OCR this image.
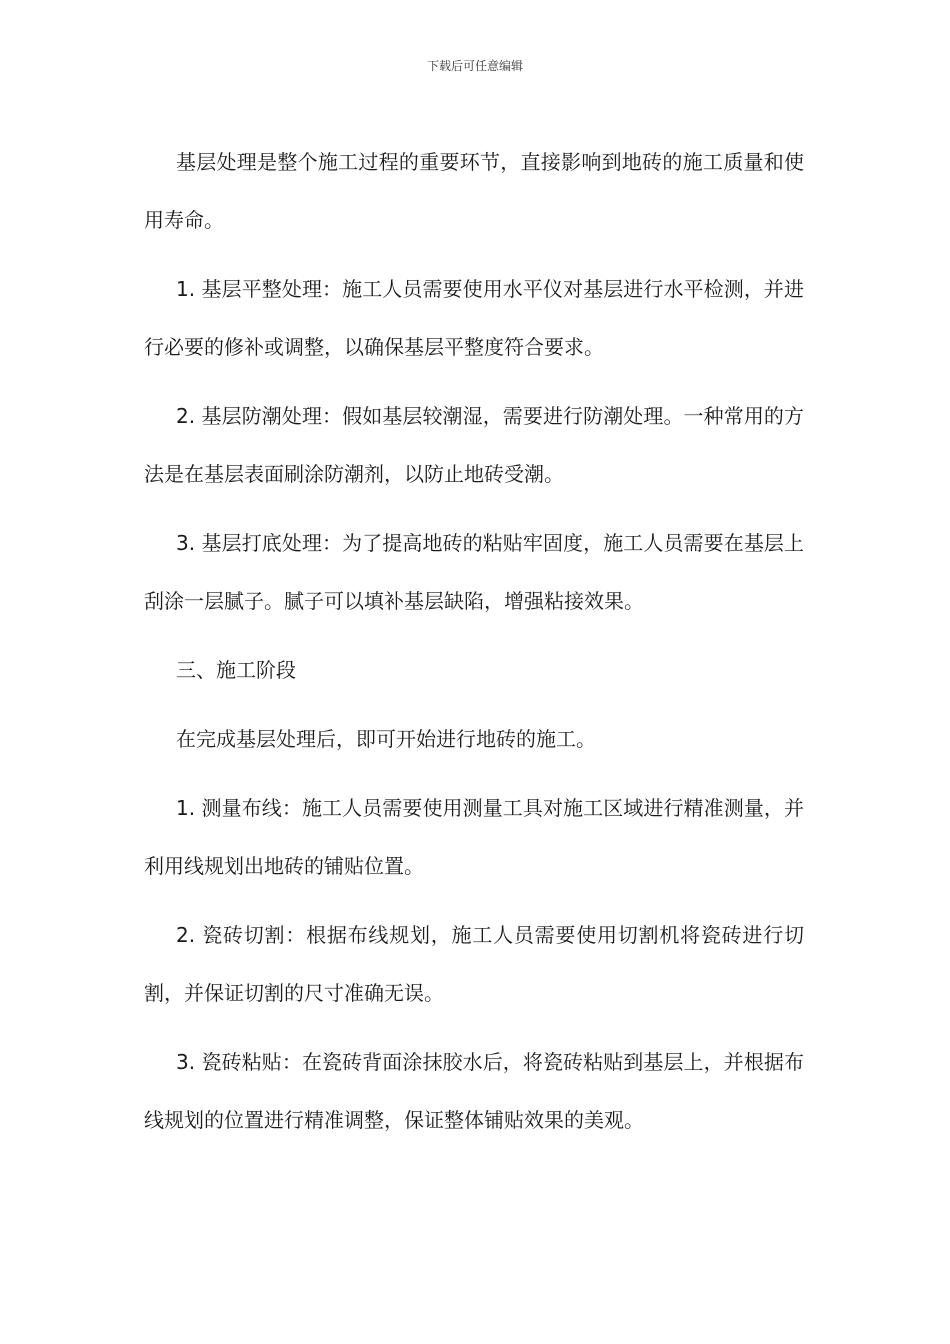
下载后可任意编辑

基层处理是整个施工过程的重要环节，直接影响到地砖的施工质量和使用寿命。

1. 基层平整处理：施工人员需要使用水平仪对基层进行水平检测，并进行必要的修补或调整，以确保基层平整度符合要求。

2. 基层防潮处理：假如基层较潮湿，需要进行防潮处理。一种常用的方法是在基层表面刷涂防潮剂，以防止地砖受潮。

3. 基层打底处理：为了提高地砖的粘贴牢固度，施工人员需要在基层上刮涂一层腻子。腻子可以填补基层缺陷，增强粘接效果。

三、施工阶段

在完成基层处理后，即可开始进行地砖的施工。

1. 测量布线：施工人员需要使用测量工具对施工区域进行精准测量，并利用线规划出地砖的铺贴位置。

2. 瓷砖切割：根据布线规划，施工人员需要使用切割机将瓷砖进行切割，并保证切割的尺寸准确无误。

3. 瓷砖粘贴：在瓷砖背面涂抹胶水后，将瓷砖粘贴到基层上，并根据布线规划的位置进行精准调整，保证整体铺贴效果的美观。
